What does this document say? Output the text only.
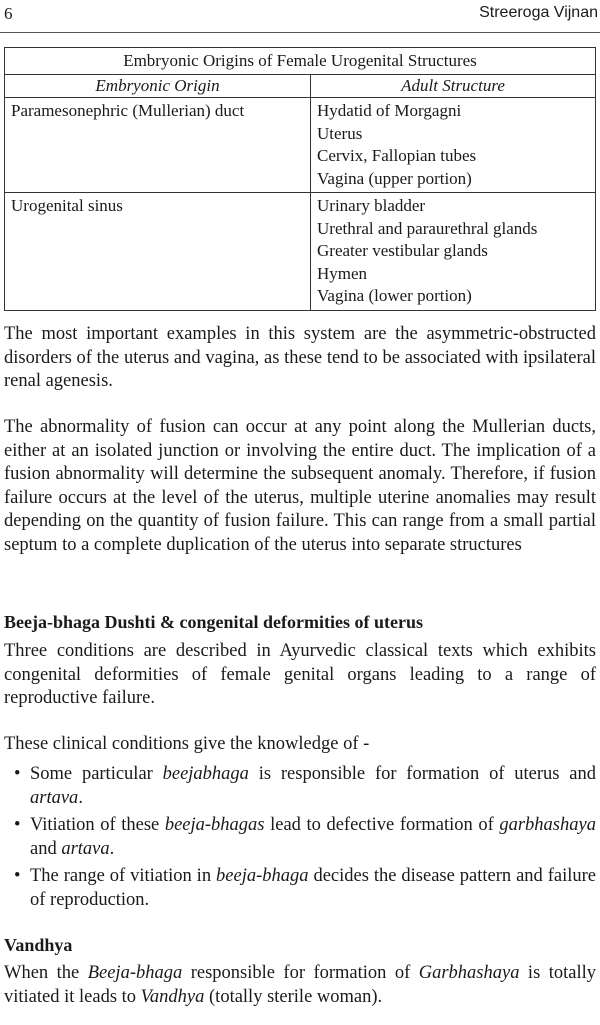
6	Streeroga Vijnan
Embryonic Origins of Female Urogenital Structures	
Embryonic Origin	Adult Structure
Paramesonephric (Mullerian) duct	Hydatid of Morgagni
Uterus
Cervix, Fallopian tubes
Vagina (upper portion)

Urogenital sinus	Urinary bladder
Urethral and paraurethral glands
Greater vestibular glands
Hymen
Vagina (lower portion)

The most important examples in this system are the asymmetric-obstructed disorders of the uterus and vagina, as these tend to be associated with ipsilateral renal agenesis.

The abnormality of fusion can occur at any point along the Mullerian ducts, either at an isolated junction or involving the entire duct. The implication of a fusion abnormality will determine the subsequent anomaly. Therefore, if fusion failure occurs at the level of the uterus, multiple uterine anomalies may result depending on the quantity of fusion failure. This can range from a small partial septum to a complete duplication of the uterus into separate structures

Beeja-bhaga Dushti & congenital deformities of uterus

Three conditions are described in Ayurvedic classical texts which exhibits congenital deformities of female genital organs leading to a range of reproductive failure.

These clinical conditions give the knowledge of -

• Some particular beejabhaga is responsible for formation of uterus and artava.
• Vitiation of these beeja-bhagas lead to defective formation of garbhashaya and artava.
• The range of vitiation in beeja-bhaga decides the disease pattern and failure of reproduction.
Vandhya

When the Beeja-bhaga responsible for formation of Garbhashaya is totally vitiated it leads to Vandhya (totally sterile woman).
